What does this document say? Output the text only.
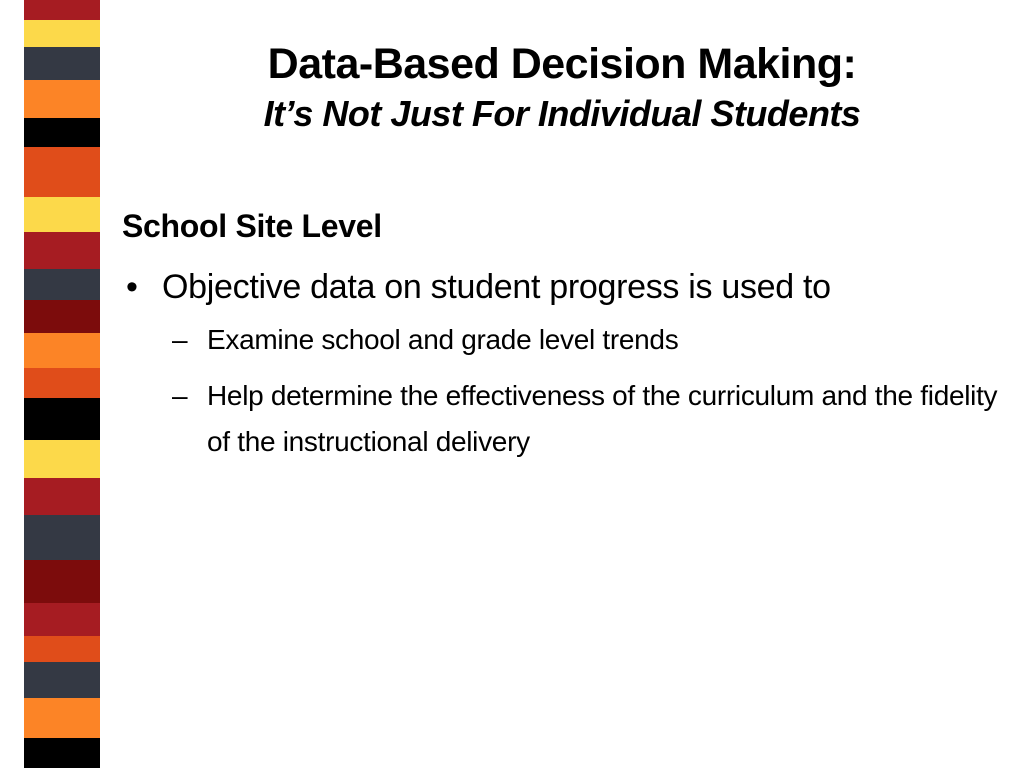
Data-Based Decision Making:
It’s Not Just For Individual Students
School Site Level
• Objective data on student progress is used to
– Examine school and grade level trends
– Help determine the effectiveness of the curriculum and the fidelity of the instructional delivery
